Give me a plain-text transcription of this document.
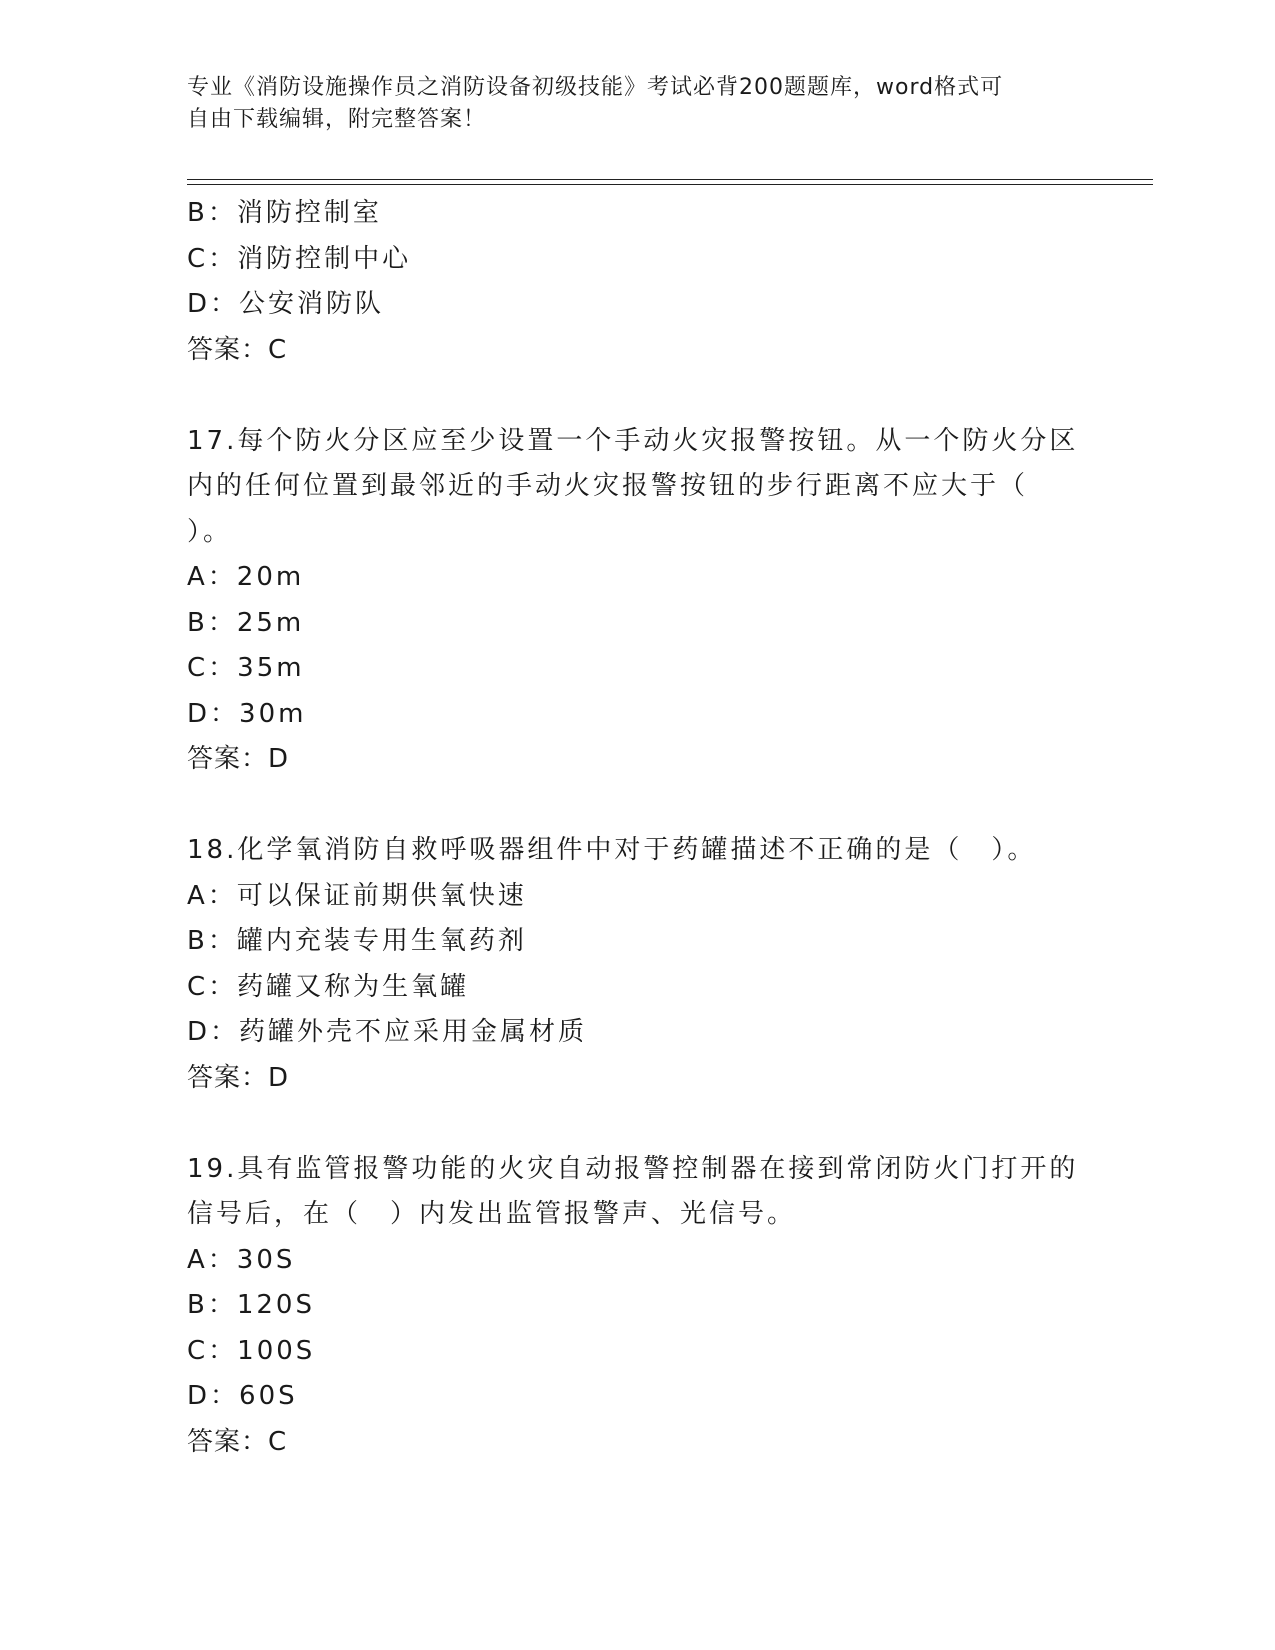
专业《消防设施操作员之消防设备初级技能》考试必背200题题库，word格式可
自由下载编辑，附完整答案！
B：消防控制室
C：消防控制中心
D：公安消防队
答案：C
17.每个防火分区应至少设置一个手动火灾报警按钮。从一个防火分区
内的任何位置到最邻近的手动火灾报警按钮的步行距离不应大于（
）。
A：20m
B：25m
C：35m
D：30m
答案：D
18.化学氧消防自救呼吸器组件中对于药罐描述不正确的是（　）。
A：可以保证前期供氧快速
B：罐内充装专用生氧药剂
C：药罐又称为生氧罐
D：药罐外壳不应采用金属材质
答案：D
19.具有监管报警功能的火灾自动报警控制器在接到常闭防火门打开的
信号后，在（　）内发出监管报警声、光信号。
A：30S
B：120S
C：100S
D：60S
答案：C
